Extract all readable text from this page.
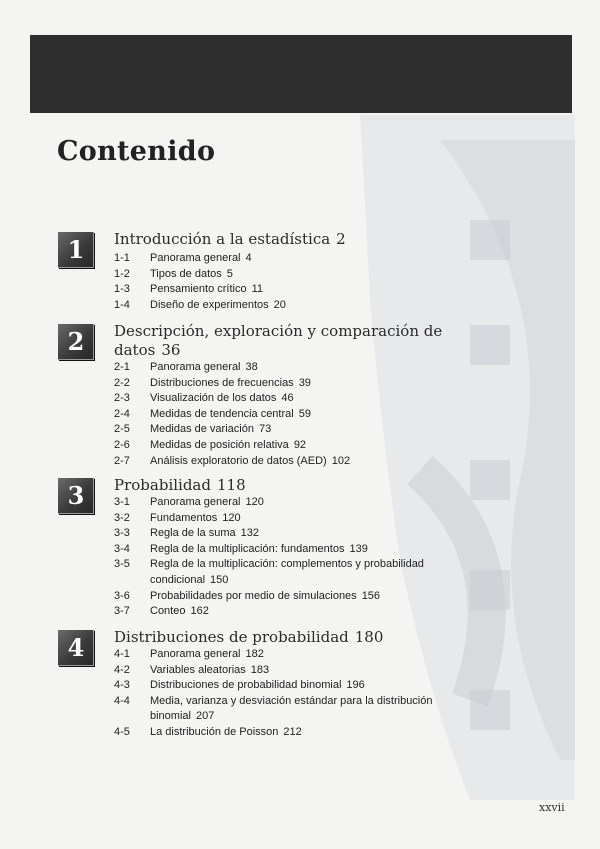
Contenido
1	Introducción a la estadística 2
1-1 Panorama general 4
1-2 Tipos de datos 5
1-3 Pensamiento crítico 11
1-4 Diseño de experimentos 20
2	Descripción, exploración y comparación de datos 36
2-1 Panorama general 38
2-2 Distribuciones de frecuencias 39
2-3 Visualización de los datos 46
2-4 Medidas de tendencia central 59
2-5 Medidas de variación 73
2-6 Medidas de posición relativa 92
2-7 Análisis exploratorio de datos (AED) 102
3	Probabilidad 118
3-1 Panorama general 120
3-2 Fundamentos 120
3-3 Regla de la suma 132
3-4 Regla de la multiplicación: fundamentos 139
3-5 Regla de la multiplicación: complementos y probabilidad condicional 150
3-6 Probabilidades por medio de simulaciones 156
3-7 Conteo 162
4	Distribuciones de probabilidad 180
4-1 Panorama general 182
4-2 Variables aleatorias 183
4-3 Distribuciones de probabilidad binomial 196
4-4 Media, varianza y desviación estándar para la distribución binomial 207
4-5 La distribución de Poisson 212
xxvii
